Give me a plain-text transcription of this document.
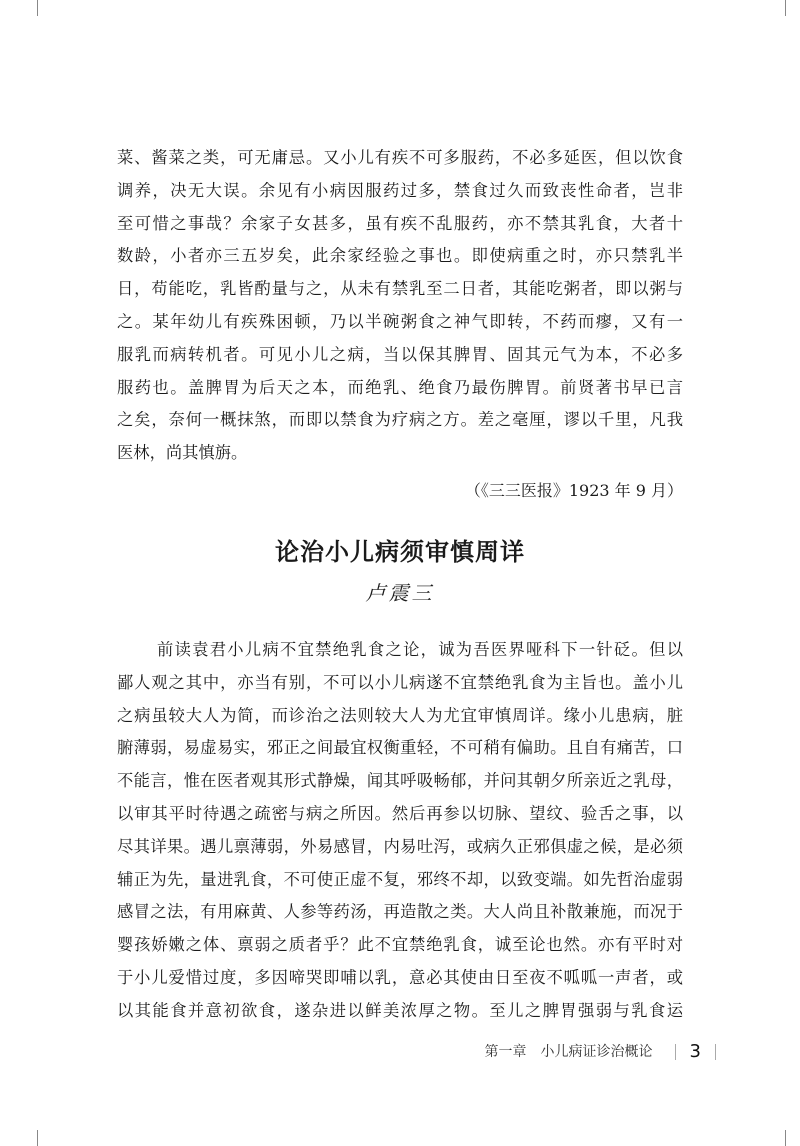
菜、酱菜之类，可无庸忌。又小儿有疾不可多服药，不必多延医，但以饮食
调养，决无大误。余见有小病因服药过多，禁食过久而致丧性命者，岂非
至可惜之事哉？余家子女甚多，虽有疾不乱服药，亦不禁其乳食，大者十
数龄，小者亦三五岁矣，此余家经验之事也。即使病重之时，亦只禁乳半
日，苟能吃，乳皆酌量与之，从未有禁乳至二日者，其能吃粥者，即以粥与
之。某年幼儿有疾殊困顿，乃以半碗粥食之神气即转，不药而瘳，又有一
服乳而病转机者。可见小儿之病，当以保其脾胃、固其元气为本，不必多
服药也。盖脾胃为后天之本，而绝乳、绝食乃最伤脾胃。前贤著书早已言
之矣，奈何一概抹煞，而即以禁食为疗病之方。差之毫厘，谬以千里，凡我
医林，尚其慎旃。
（《三三医报》1923 年 9 月）
论治小儿病须审慎周详
卢震三
前读袁君小儿病不宜禁绝乳食之论，诚为吾医界哑科下一针砭。但以
鄙人观之其中，亦当有别，不可以小儿病遂不宜禁绝乳食为主旨也。盖小儿
之病虽较大人为简，而诊治之法则较大人为尤宜审慎周详。缘小儿患病，脏
腑薄弱，易虚易实，邪正之间最宜权衡重轻，不可稍有偏助。且自有痛苦，口
不能言，惟在医者观其形式静燥，闻其呼吸畅郁，并问其朝夕所亲近之乳母，
以审其平时待遇之疏密与病之所因。然后再参以切脉、望纹、验舌之事，以
尽其详果。遇儿禀薄弱，外易感冒，内易吐泻，或病久正邪俱虚之候，是必须
辅正为先，量进乳食，不可使正虚不复，邪终不却，以致变端。如先哲治虚弱
感冒之法，有用麻黄、人参等药汤，再造散之类。大人尚且补散兼施，而况于
婴孩娇嫩之体、禀弱之质者乎？此不宜禁绝乳食，诚至论也然。亦有平时对
于小儿爱惜过度，多因啼哭即哺以乳，意必其使由日至夜不呱呱一声者，或
以其能食并意初欲食，遂杂进以鲜美浓厚之物。至儿之脾胃强弱与乳食运
第一章　小儿病证诊治概论 3
